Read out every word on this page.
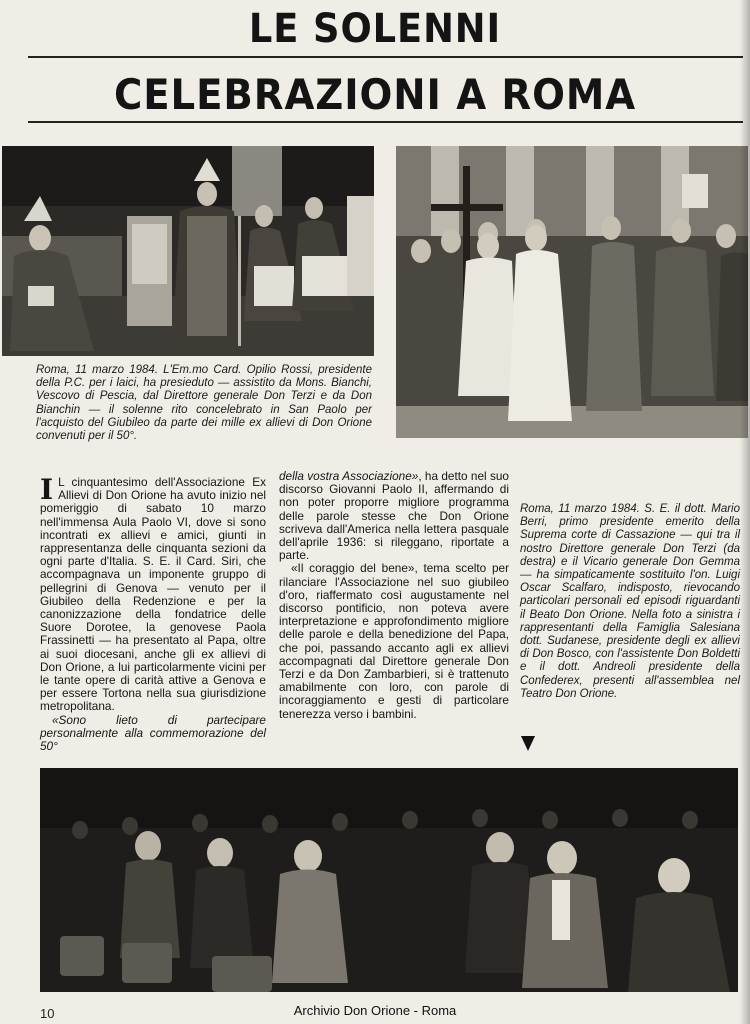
LE SOLENNI
CELEBRAZIONI A ROMA
Roma, 11 marzo 1984. L'Em.mo Card. Opilio Rossi, presidente della P.C. per i laici, ha presieduto — assistito da Mons. Bianchi, Vescovo di Pescia, dal Direttore generale Don Terzi e da Don Bianchin — il solenne rito concelebrato in San Paolo per l'acquisto del Giubileo da parte dei mille ex allievi di Don Orione convenuti per il 50°.

I L cinquantesimo dell'Associazione Ex Allievi di Don Orione ha avuto inizio nel pomeriggio di sabato 10 marzo nell'immensa Aula Paolo VI, dove si sono incontrati ex allievi e amici, giunti in rappresentanza delle cinquanta sezioni da ogni parte d'Italia. S. E. il Card. Siri, che accompagnava un imponente gruppo di pellegrini di Genova — venuto per il Giubileo della Redenzione e per la canonizzazione della fondatrice delle Suore Dorotee, la genovese Paola Frassinetti — ha presentato al Papa, oltre ai suoi diocesani, anche gli ex allievi di Don Orione, a lui particolarmente vicini per le tante opere di carità attive a Genova e per essere Tortona nella sua giurisdizione metropolitana.

«Sono lieto di partecipare personalmente alla commemorazione del 50°

della vostra Associazione», ha detto nel suo discorso Giovanni Paolo II, affermando di non poter proporre migliore programma delle parole stesse che Don Orione scriveva dall'America nella lettera pasquale dell'aprile 1936: si rileggano, riportate a parte.

«Il coraggio del bene», tema scelto per rilanciare l'Associazione nel suo giubileo d'oro, riaffermato così augustamente nel discorso pontificio, non poteva avere interpretazione e approfondimento migliore delle parole e della benedizione del Papa, che poi, passando accanto agli ex allievi accompagnati dal Direttore generale Don Terzi e da Don Zambarbieri, si è trattenuto amabilmente con loro, con parole di incoraggiamento e gesti di particolare tenerezza verso i bambini.

Roma, 11 marzo 1984. S. E. il dott. Mario Berri, primo presidente emerito della Suprema corte di Cassazione — qui tra il nostro Direttore generale Don Terzi (da destra) e il Vicario generale Don Gemma — ha simpaticamente sostituito l'on. Luigi Oscar Scalfaro, indisposto, rievocando particolari personali ed episodi riguardanti il Beato Don Orione. Nella foto a sinistra i rappresentanti della Famiglia Salesiana dott. Sudanese, presidente degli ex allievi di Don Bosco, con l'assistente Don Boldetti e il dott. Andreoli presidente della Confederex, presenti all'assemblea nel Teatro Don Orione.
10	Archivio Don Orione - Roma
